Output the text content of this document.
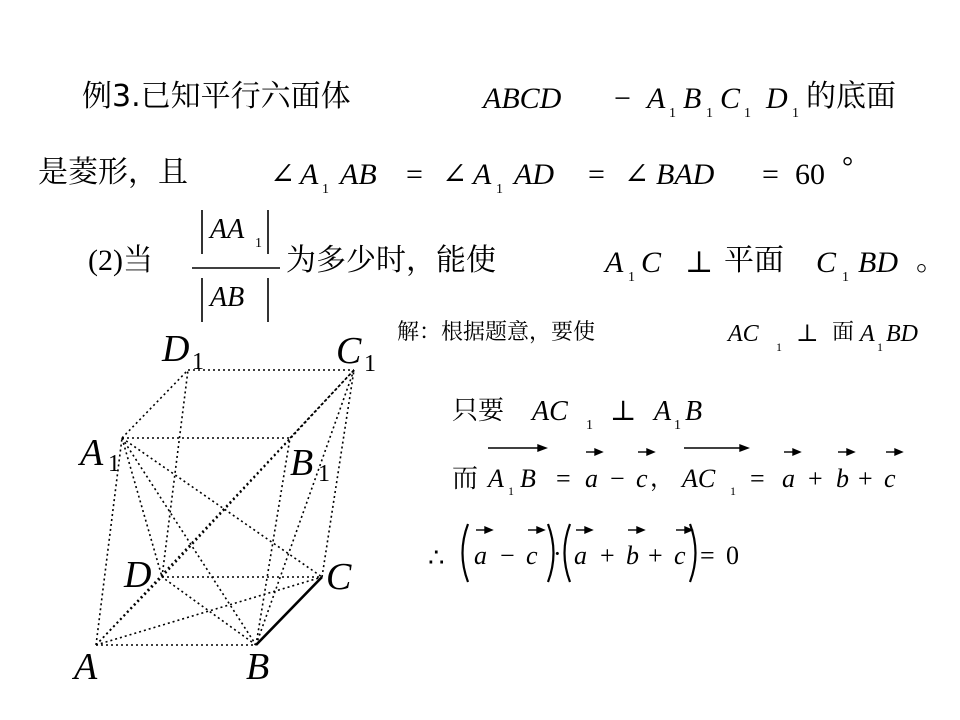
例3.已知平行六面体	ABCD − A 1 B 1 C 1 D 1 的底面
是菱形，且	∠ A 1 AB = ∠ A 1 AD = ∠ BAD = 60 °
(2)当
AA 1
AB
为多少时，能使	A 1 C ⊥ 平面 C 1 BD 。
解：根据题意，要使	AC 1 ⊥ 面 A 1 BD
只要 AC 1 ⊥ A 1 B
而 A 1 B = a − c ， AC 1 = a + b + c
∴ a − c · a + b + c = 0
D 1	C 1
A 1	B 1
D	C
A	B
